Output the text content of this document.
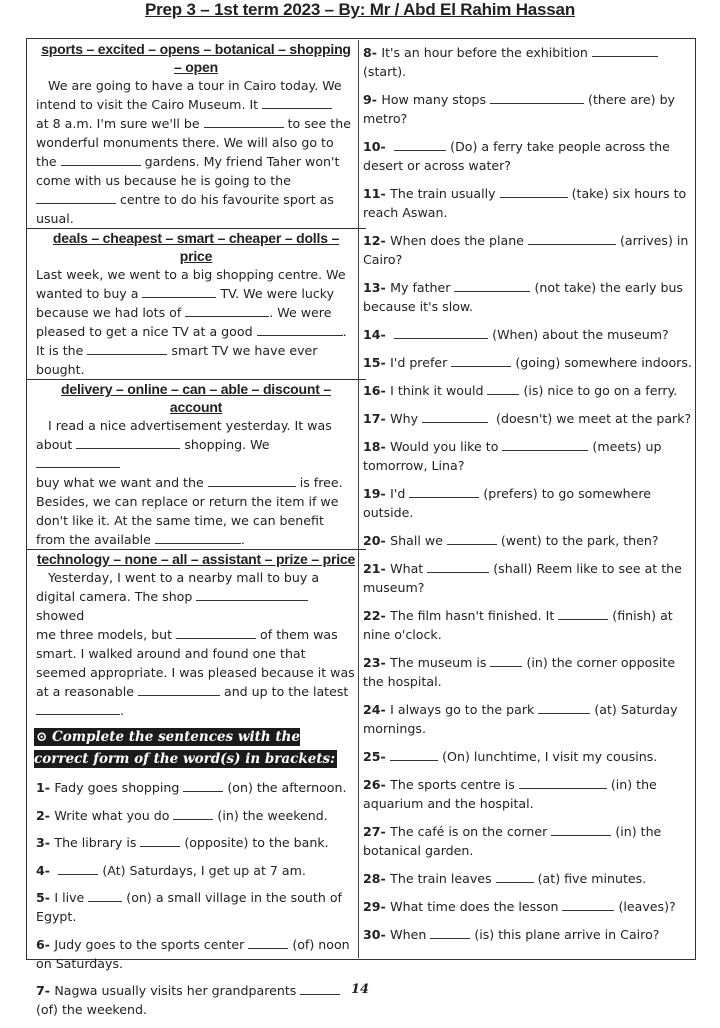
Prep 3 – 1st term 2023 – By: Mr / Abd El Rahim Hassan
sports – excited – opens – botanical – shopping – open
We are going to have a tour in Cairo today. We
intend to visit the Cairo Museum. It
at 8 a.m. I'm sure we'll be	to see the
wonderful monuments there. We will also go to
the	gardens. My friend Taher won't
come with us because he is going to the
centre to do his favourite sport as
usual.
deals – cheapest – smart – cheaper – dolls – price
Last week, we went to a big shopping centre. We
wanted to buy a	TV. We were lucky
because we had lots of	. We were
pleased to get a nice TV at a good	.
It is the	smart TV we have ever
bought.
delivery – online – can – able – discount – account
I read a nice advertisement yesterday. It was
about	shopping. We
buy what we want and the	is free.
Besides, we can replace or return the item if we
don't like it. At the same time, we can benefit
from the available	.
technology – none – all – assistant – prize – price
Yesterday, I went to a nearby mall to buy a
digital camera. The shop	showed
me three models, but	of them was
smart. I walked around and found one that
seemed appropriate. I was pleased because it was
at a reasonable	and up to the latest
.
⊙ Complete the sentences with the correct form of the word(s) in brackets:
1- Fady goes shopping	(on) the afternoon.
2- Write what you do	(in) the weekend.
3- The library is	(opposite) to the bank.
4-	(At) Saturdays, I get up at 7 am.
5- I live	(on) a small village in the south of Egypt.
6- Judy goes to the sports center	(of) noon on Saturdays.
7- Nagwa usually visits her grandparents	(of) the weekend.
8- It's an hour before the exhibition	(start).
9- How many stops	(there are) by metro?
10-	(Do) a ferry take people across the desert or across water?
11- The train usually	(take) six hours to reach Aswan.
12- When does the plane	(arrives) in Cairo?
13- My father	(not take) the early bus because it's slow.
14-	(When) about the museum?
15- I'd prefer	(going) somewhere indoors.
16- I think it would	(is) nice to go on a ferry.
17- Why	(doesn't) we meet at the park?
18- Would you like to	(meets) up tomorrow, Lina?
19- I'd	(prefers) to go somewhere outside.
20- Shall we	(went) to the park, then?
21- What	(shall) Reem like to see at the museum?
22- The film hasn't finished. It	(finish) at nine o'clock.
23- The museum is	(in) the corner opposite the hospital.
24- I always go to the park	(at) Saturday mornings.
25-	(On) lunchtime, I visit my cousins.
26- The sports centre is	(in) the aquarium and the hospital.
27- The café is on the corner	(in) the botanical garden.
28- The train leaves	(at) five minutes.
29- What time does the lesson	(leaves)?
30- When	(is) this plane arrive in Cairo?
14
